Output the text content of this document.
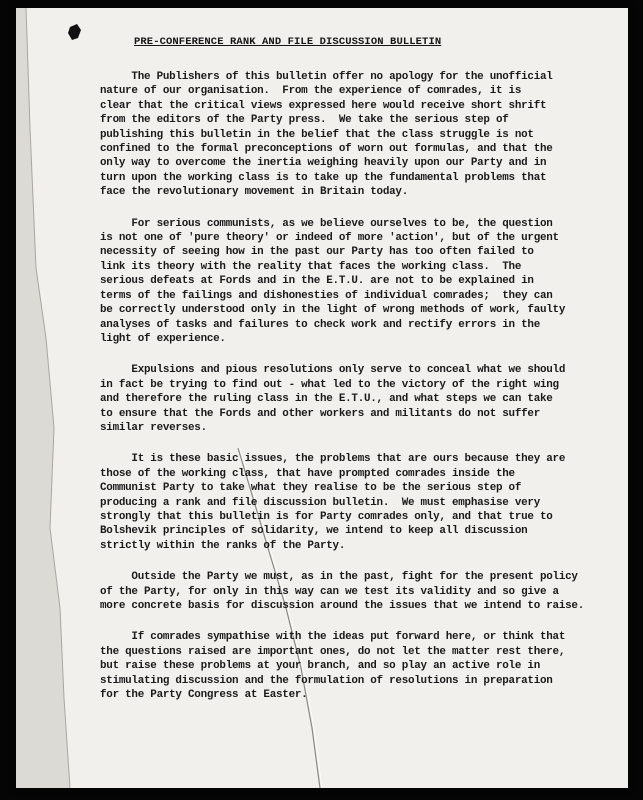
PRE-CONFERENCE RANK AND FILE DISCUSSION BULLETIN

The Publishers of this bulletin offer no apology for the unofficial
nature of our organisation.  From the experience of comrades, it is
clear that the critical views expressed here would receive short shrift
from the editors of the Party press.  We take the serious step of
publishing this bulletin in the belief that the class struggle is not
confined to the formal preconceptions of worn out formulas, and that the
only way to overcome the inertia weighing heavily upon our Party and in
turn upon the working class is to take up the fundamental problems that
face the revolutionary movement in Britain today.

For serious communists, as we believe ourselves to be, the question
is not one of 'pure theory' or indeed of more 'action', but of the urgent
necessity of seeing how in the past our Party has too often failed to
link its theory with the reality that faces the working class.  The
serious defeats at Fords and in the E.T.U. are not to be explained in
terms of the failings and dishonesties of individual comrades;  they can
be correctly understood only in the light of wrong methods of work, faulty
analyses of tasks and failures to check work and rectify errors in the
light of experience.

Expulsions and pious resolutions only serve to conceal what we should
in fact be trying to find out - what led to the victory of the right wing
and therefore the ruling class in the E.T.U., and what steps we can take
to ensure that the Fords and other workers and militants do not suffer
similar reverses.

It is these basic issues, the problems that are ours because they are
those of the working class, that have prompted comrades inside the
Communist Party to take what they realise to be the serious step of
producing a rank and file discussion bulletin.  We must emphasise very
strongly that this bulletin is for Party comrades only, and that true to
Bolshevik principles of solidarity, we intend to keep all discussion
strictly within the ranks of the Party.

Outside the Party we must, as in the past, fight for the present policy
of the Party, for only in this way can we test its validity and so give a
more concrete basis for discussion around the issues that we intend to raise.

If comrades sympathise with the ideas put forward here, or think that
the questions raised are important ones, do not let the matter rest there,
but raise these problems at your branch, and so play an active role in
stimulating discussion and the formulation of resolutions in preparation
for the Party Congress at Easter.
